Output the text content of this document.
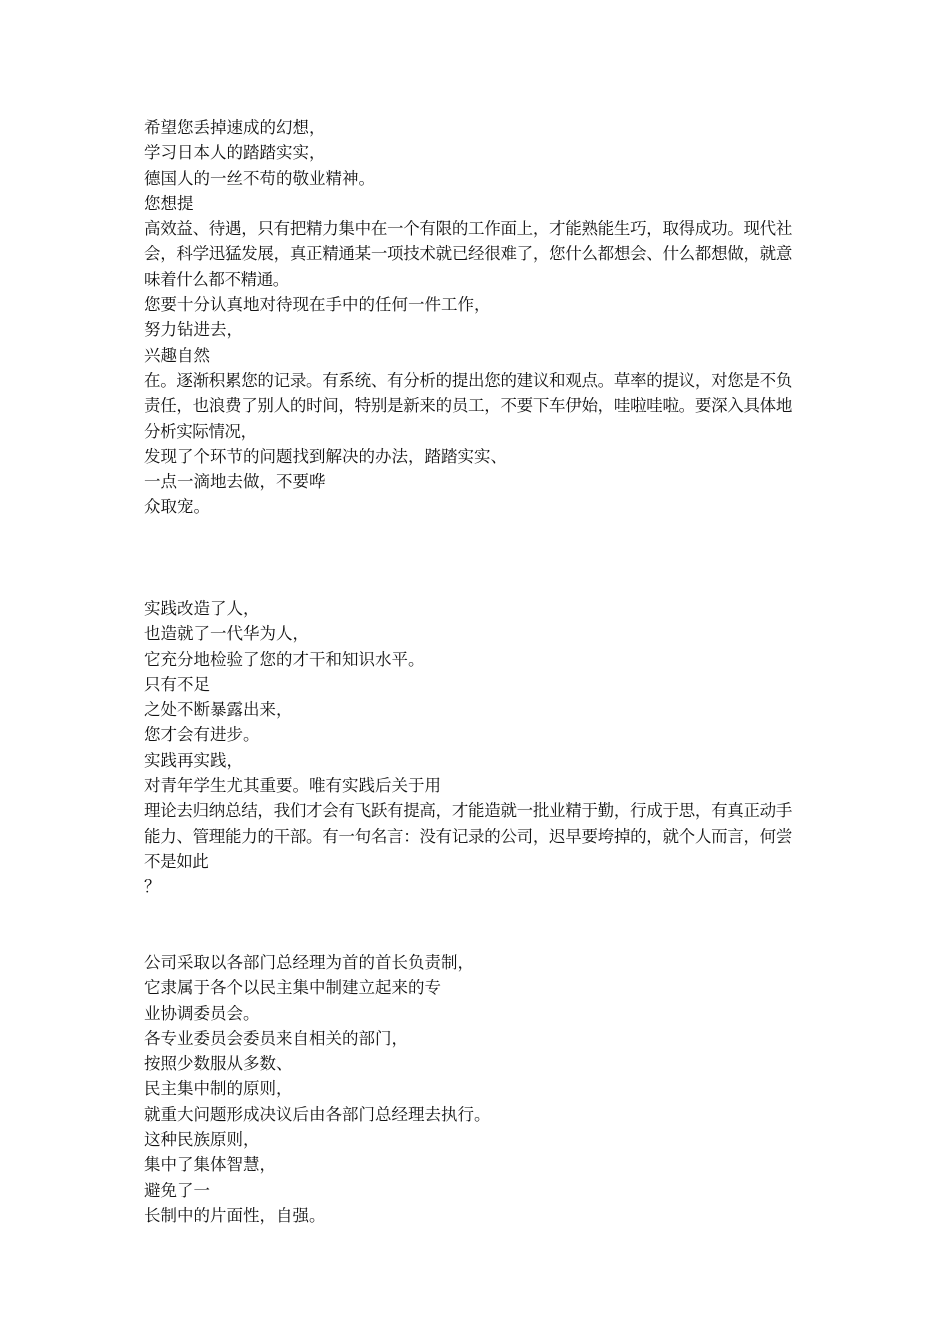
希望您丢掉速成的幻想，
学习日本人的踏踏实实，
德国人的一丝不苟的敬业精神。
您想提
高效益、待遇，只有把精力集中在一个有限的工作面上，才能熟能生巧，取得成功。现代社会，科学迅猛发展，真正精通某一项技术就已经很难了，您什么都想会、什么都想做，就意味着什么都不精通。
您要十分认真地对待现在手中的任何一件工作，
努力钻进去，
兴趣自然
在。逐渐积累您的记录。有系统、有分析的提出您的建议和观点。草率的提议，对您是不负责任，也浪费了别人的时间，特别是新来的员工，不要下车伊始，哇啦哇啦。要深入具体地分析实际情况，
发现了个环节的问题找到解决的办法，踏踏实实、
一点一滴地去做，不要哗
众取宠。
实践改造了人，
也造就了一代华为人，
它充分地检验了您的才干和知识水平。
只有不足
之处不断暴露出来，
您才会有进步。
实践再实践，
对青年学生尤其重要。唯有实践后关于用
理论去归纳总结，我们才会有飞跃有提高，才能造就一批业精于勤，行成于思，有真正动手能力、管理能力的干部。有一句名言：没有记录的公司，迟早要垮掉的，就个人而言，何尝不是如此
？
公司采取以各部门总经理为首的首长负责制，
它隶属于各个以民主集中制建立起来的专
业协调委员会。
各专业委员会委员来自相关的部门，
按照少数服从多数、
民主集中制的原则，
就重大问题形成决议后由各部门总经理去执行。
这种民族原则，
集中了集体智慧，
避免了一
长制中的片面性，自强。
